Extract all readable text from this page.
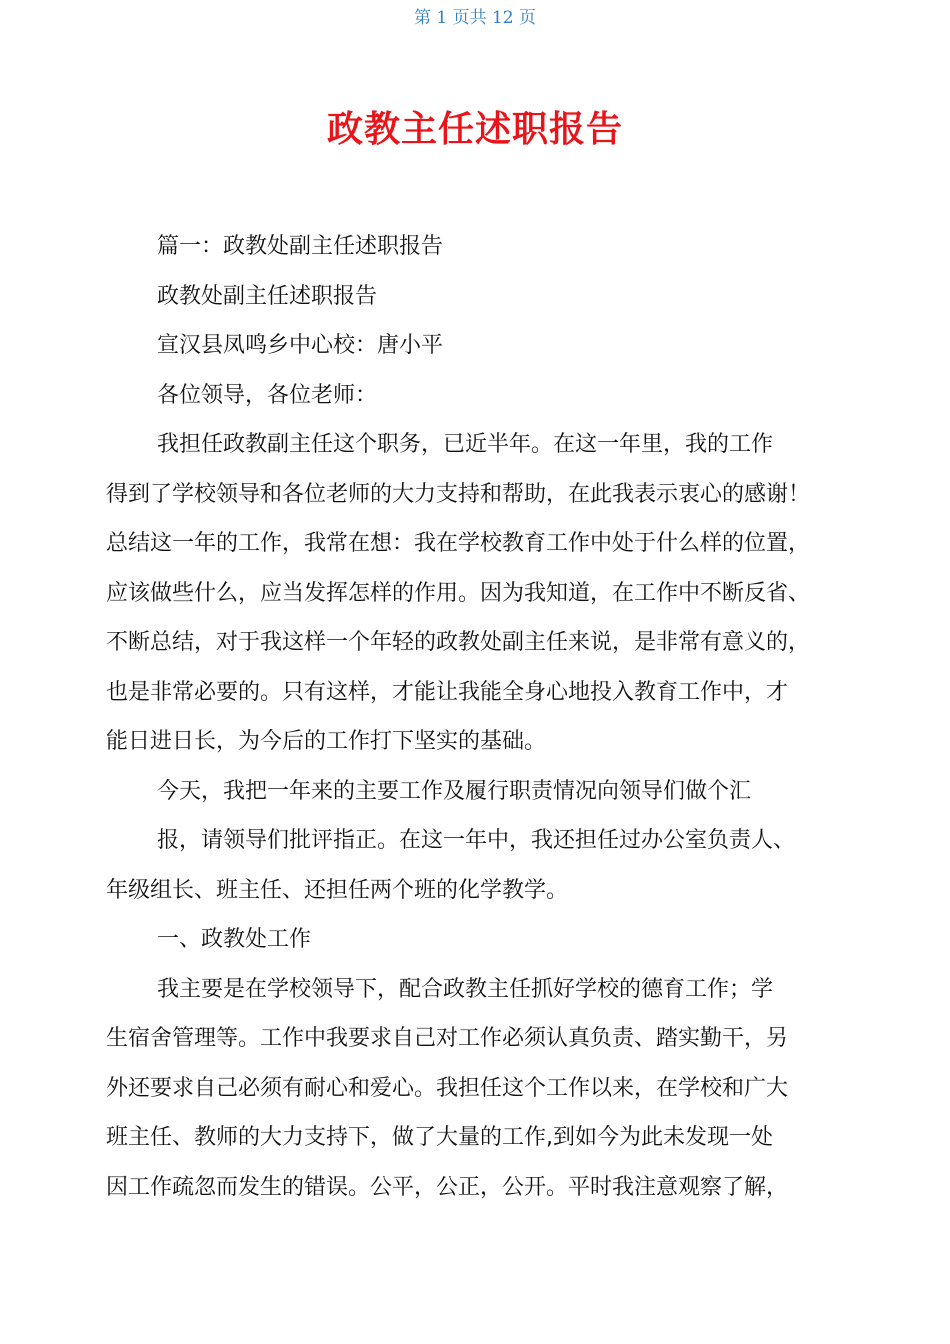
第 1 页共 12 页
政教主任述职报告
篇一：政教处副主任述职报告
政教处副主任述职报告
宣汉县凤鸣乡中心校：唐小平
各位领导，各位老师：
我担任政教副主任这个职务，已近半年。在这一年里，我的工作
得到了学校领导和各位老师的大力支持和帮助，在此我表示衷心的感谢！
总结这一年的工作，我常在想：我在学校教育工作中处于什么样的位置，
应该做些什么，应当发挥怎样的作用。因为我知道，在工作中不断反省、
不断总结，对于我这样一个年轻的政教处副主任来说，是非常有意义的，
也是非常必要的。只有这样，才能让我能全身心地投入教育工作中，才
能日进日长，为今后的工作打下坚实的基础。
今天，我把一年来的主要工作及履行职责情况向领导们做个汇
报，请领导们批评指正。在这一年中，我还担任过办公室负责人、
年级组长、班主任、还担任两个班的化学教学。
一、政教处工作
我主要是在学校领导下，配合政教主任抓好学校的德育工作；学
生宿舍管理等。工作中我要求自己对工作必须认真负责、踏实勤干，另
外还要求自己必须有耐心和爱心。我担任这个工作以来，在学校和广大
班主任、教师的大力支持下，做了大量的工作,到如今为此未发现一处
因工作疏忽而发生的错误。公平，公正，公开。平时我注意观察了解，
